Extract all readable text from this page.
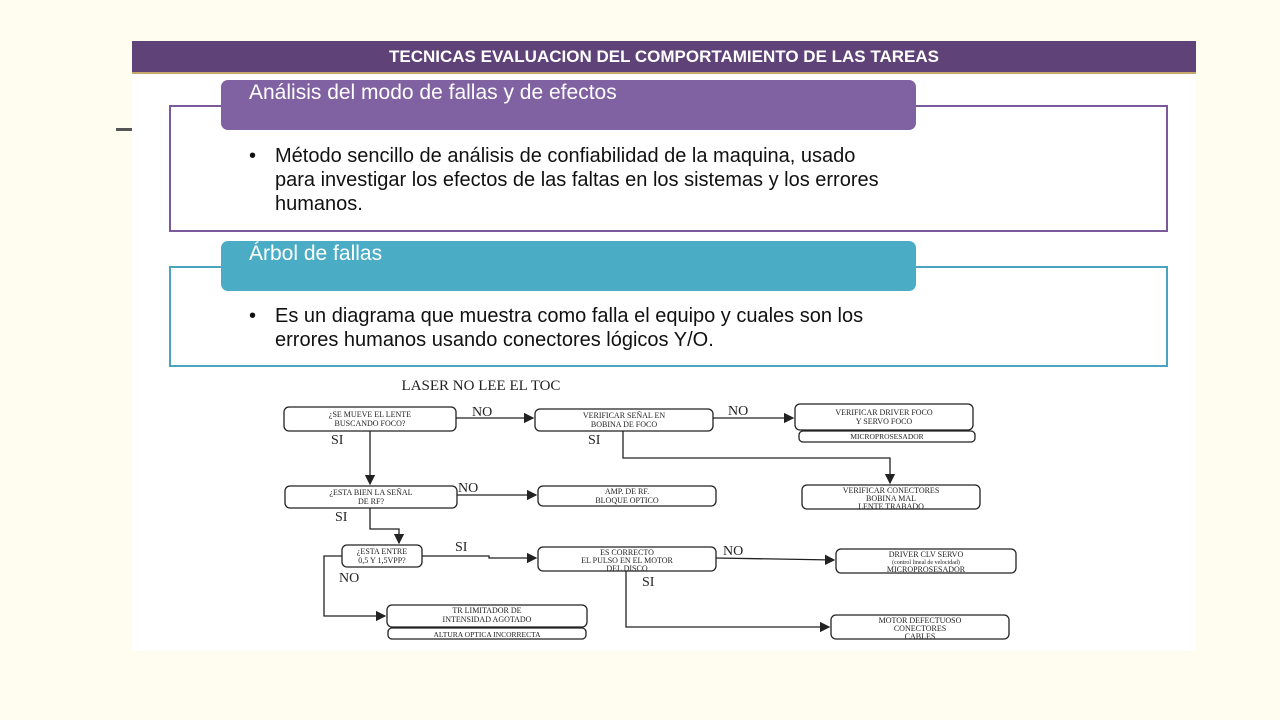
TECNICAS EVALUACION DEL COMPORTAMIENTO DE LAS TAREAS
Análisis del modo de fallas y de efectos
• Método sencillo de análisis de confiabilidad de la maquina, usado
para investigar los efectos de las faltas en los sistemas y los errores
humanos.
Árbol de fallas
• Es un diagrama que muestra como falla el equipo y cuales son los
errores humanos usando conectores lógicos Y/O.
LASER NO LEE EL TOC
¿SE MUEVE EL LENTE
BUSCANDO FOCO?
VERIFICAR SEÑAL EN
BOBINA DE FOCO
VERIFICAR DRIVER FOCO
Y SERVO FOCO
MICROPROSESADOR
VERIFICAR CONECTORES
BOBINA MAL
LENTE TRABADO
¿ESTA BIEN LA SEÑAL
DE RF?
AMP. DE RF.
BLOQUE OPTICO
¿ESTA ENTRE
0,5 Y 1,5VPP?
ES CORRECTO
EL PULSO EN EL MOTOR
DEL DISCO
DRIVER CLV SERVO
(control lineal de velocidad)
MICROPROSESADOR
TR LIMITADOR DE
INTENSIDAD AGOTADO
ALTURA OPTICA INCORRECTA
MOTOR DEFECTUOSO
CONECTORES
CABLES
NO	NO
SI	SI
NO
SI
SI
NO
NO
SI
